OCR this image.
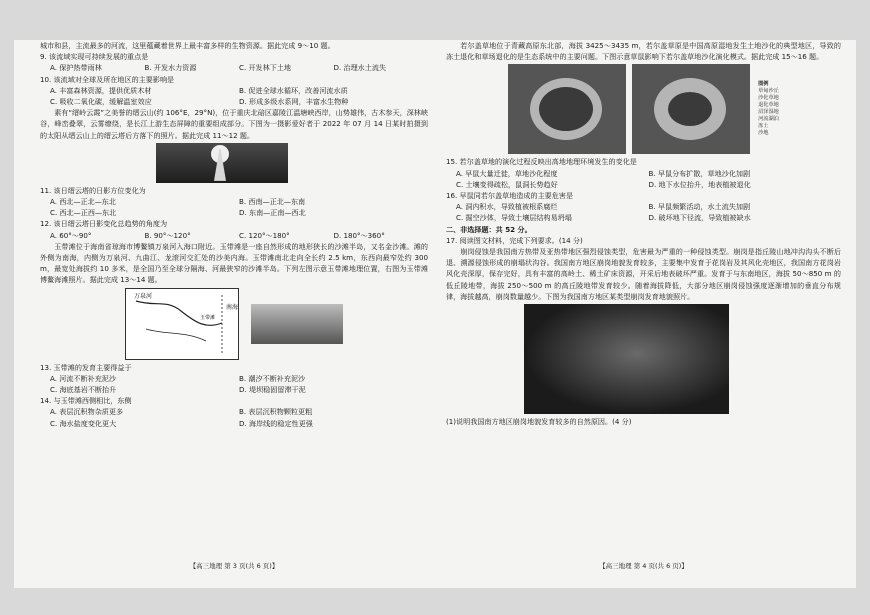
城市和县，主流最多的河流，这里蕴藏着世界上最丰富多样的生物资源。据此完成 9～10 题。

9. 该流域实现可持续发展的重点是

A. 保护热带雨林	B. 开发水力资源	C. 开发林下土地	D. 治理水土流失

10. 该流域对全球及所在地区的主要影响是

A. 丰富森林资源，提供优质木材	B. 促进全球水循环，改善河流水质
C. 吸收二氧化碳，缓解温室效应	D. 形成多级水系网，丰富水生物种

素有“缙岭云霞”之美誉的缙云山(约 106°E，29°N)，位于重庆北碚区嘉陵江温塘峡西岸，山势雄伟，古木参天，深林峡谷，峰峦叠翠，云雾缭绕，是长江上游生态屏障的重要组成部分。下图为一摄影爱好者于 2022 年 07 月 14 日某时拍摄到的太阳从缙云山上的缙云塔后方落下的照片。据此完成 11～12 题。

11. 该日缙云塔的日影方位变化为

A. 西北—正北—东北	B. 西南—正北—东南
C. 西北—正西—东北	D. 东南—正南—西北

12. 该日缙云塔日影变化总趋势的角度为

A. 60°～90°	B. 90°～120°	C. 120°～180°	D. 180°～360°

玉带滩位于海南省琼海市博鳌镇万泉河入海口附近。玉带滩是一座自然形成的地形狭长的沙滩半岛，又名金沙滩。滩的外侧为南海，内侧为万泉河、九曲江、龙滚河交汇处的沙美内海。玉带滩南北走向全长约 2.5 km，东西向最窄处约 300 m，最宽处海拔约 10 多米，是全国乃至全球分隔海、河最狭窄的沙滩半岛。下列左图示意玉带滩地理位置，右图为玉带滩博鳌海滩照片。据此完成 13～14 题。

万泉河
南海
玉带滩

13. 玉带滩的发育主要得益于

A. 河流不断补充泥沙	B. 潮汐不断补充泥沙
C. 海底基岩不断抬升	D. 堤坝稳固留滞干泥

14. 与玉带滩西侧相比，东侧

A. 表层沉积物杂质更多	B. 表层沉积物颗粒更粗
C. 海水盐度变化更大	D. 海岸线的稳定性更强
【高三地理 第 3 页(共 6 页)】

若尔盖草地位于青藏高原东北部，海拔 3425～3435 m，若尔盖草原是中国高原湿地发生土地沙化的典型地区，导致的冻土退化和草场退化的是生态系统中的主要问题。下图示意草鼠影响下若尔盖草地沙化演化模式。据此完成 15～16 题。

图例
草甸沙丘
沙化草地
退化草地
沼泽湿地
河流湖泊
冻土
沙地

15. 若尔盖草地的演化过程反映出高地地理环境发生的变化是

A. 早鼠大量迁徙，草地沙化程度	B. 早鼠分布扩散，草地沙化加剧
C. 土壤变得疏松，鼠洞长势趋好	D. 地下水位抬升，地表植被退化

16. 早鼠同若尔盖草地造成的主要危害是

A. 洞内积水，导致植被根系腐烂	B. 早鼠频繁活动，水土流失加剧
C. 掘空沙体，导致土壤层结构易坍塌	D. 破坏地下径流，导致植被缺水

二、非选择题：共 52 分。

17. 阅读图文材料，完成下列要求。(14 分)

崩岗侵蚀是我国南方热带及亚热带地区强烈侵蚀类型，危害最为严重的一种侵蚀类型。崩岗是指丘陵山地冲沟沟头不断后退、溯源侵蚀形成的崩塌状沟谷。我国南方地区崩岗地貌发育较多，主要集中发育于花岗岩及其风化壳地区，我国南方花岗岩风化壳深厚，保存完好，具有丰富的高岭土、稀土矿床资源，开采后地表破坏严重。发育于与东南地区，海拔 50～850 m 的低丘陵地带，海拔 250～500 m 的高丘陵地带发育较少。随着海拔降低，大部分地区崩岗侵蚀强度逐渐增加的垂直分布规律，海拔越高，崩岗数量越少。下图为我国南方地区某类型崩岗发育地貌照片。

(1)说明我国南方地区崩岗地貌发育较多的自然原因。(4 分)

【高三地理 第 4 页(共 6 页)】
